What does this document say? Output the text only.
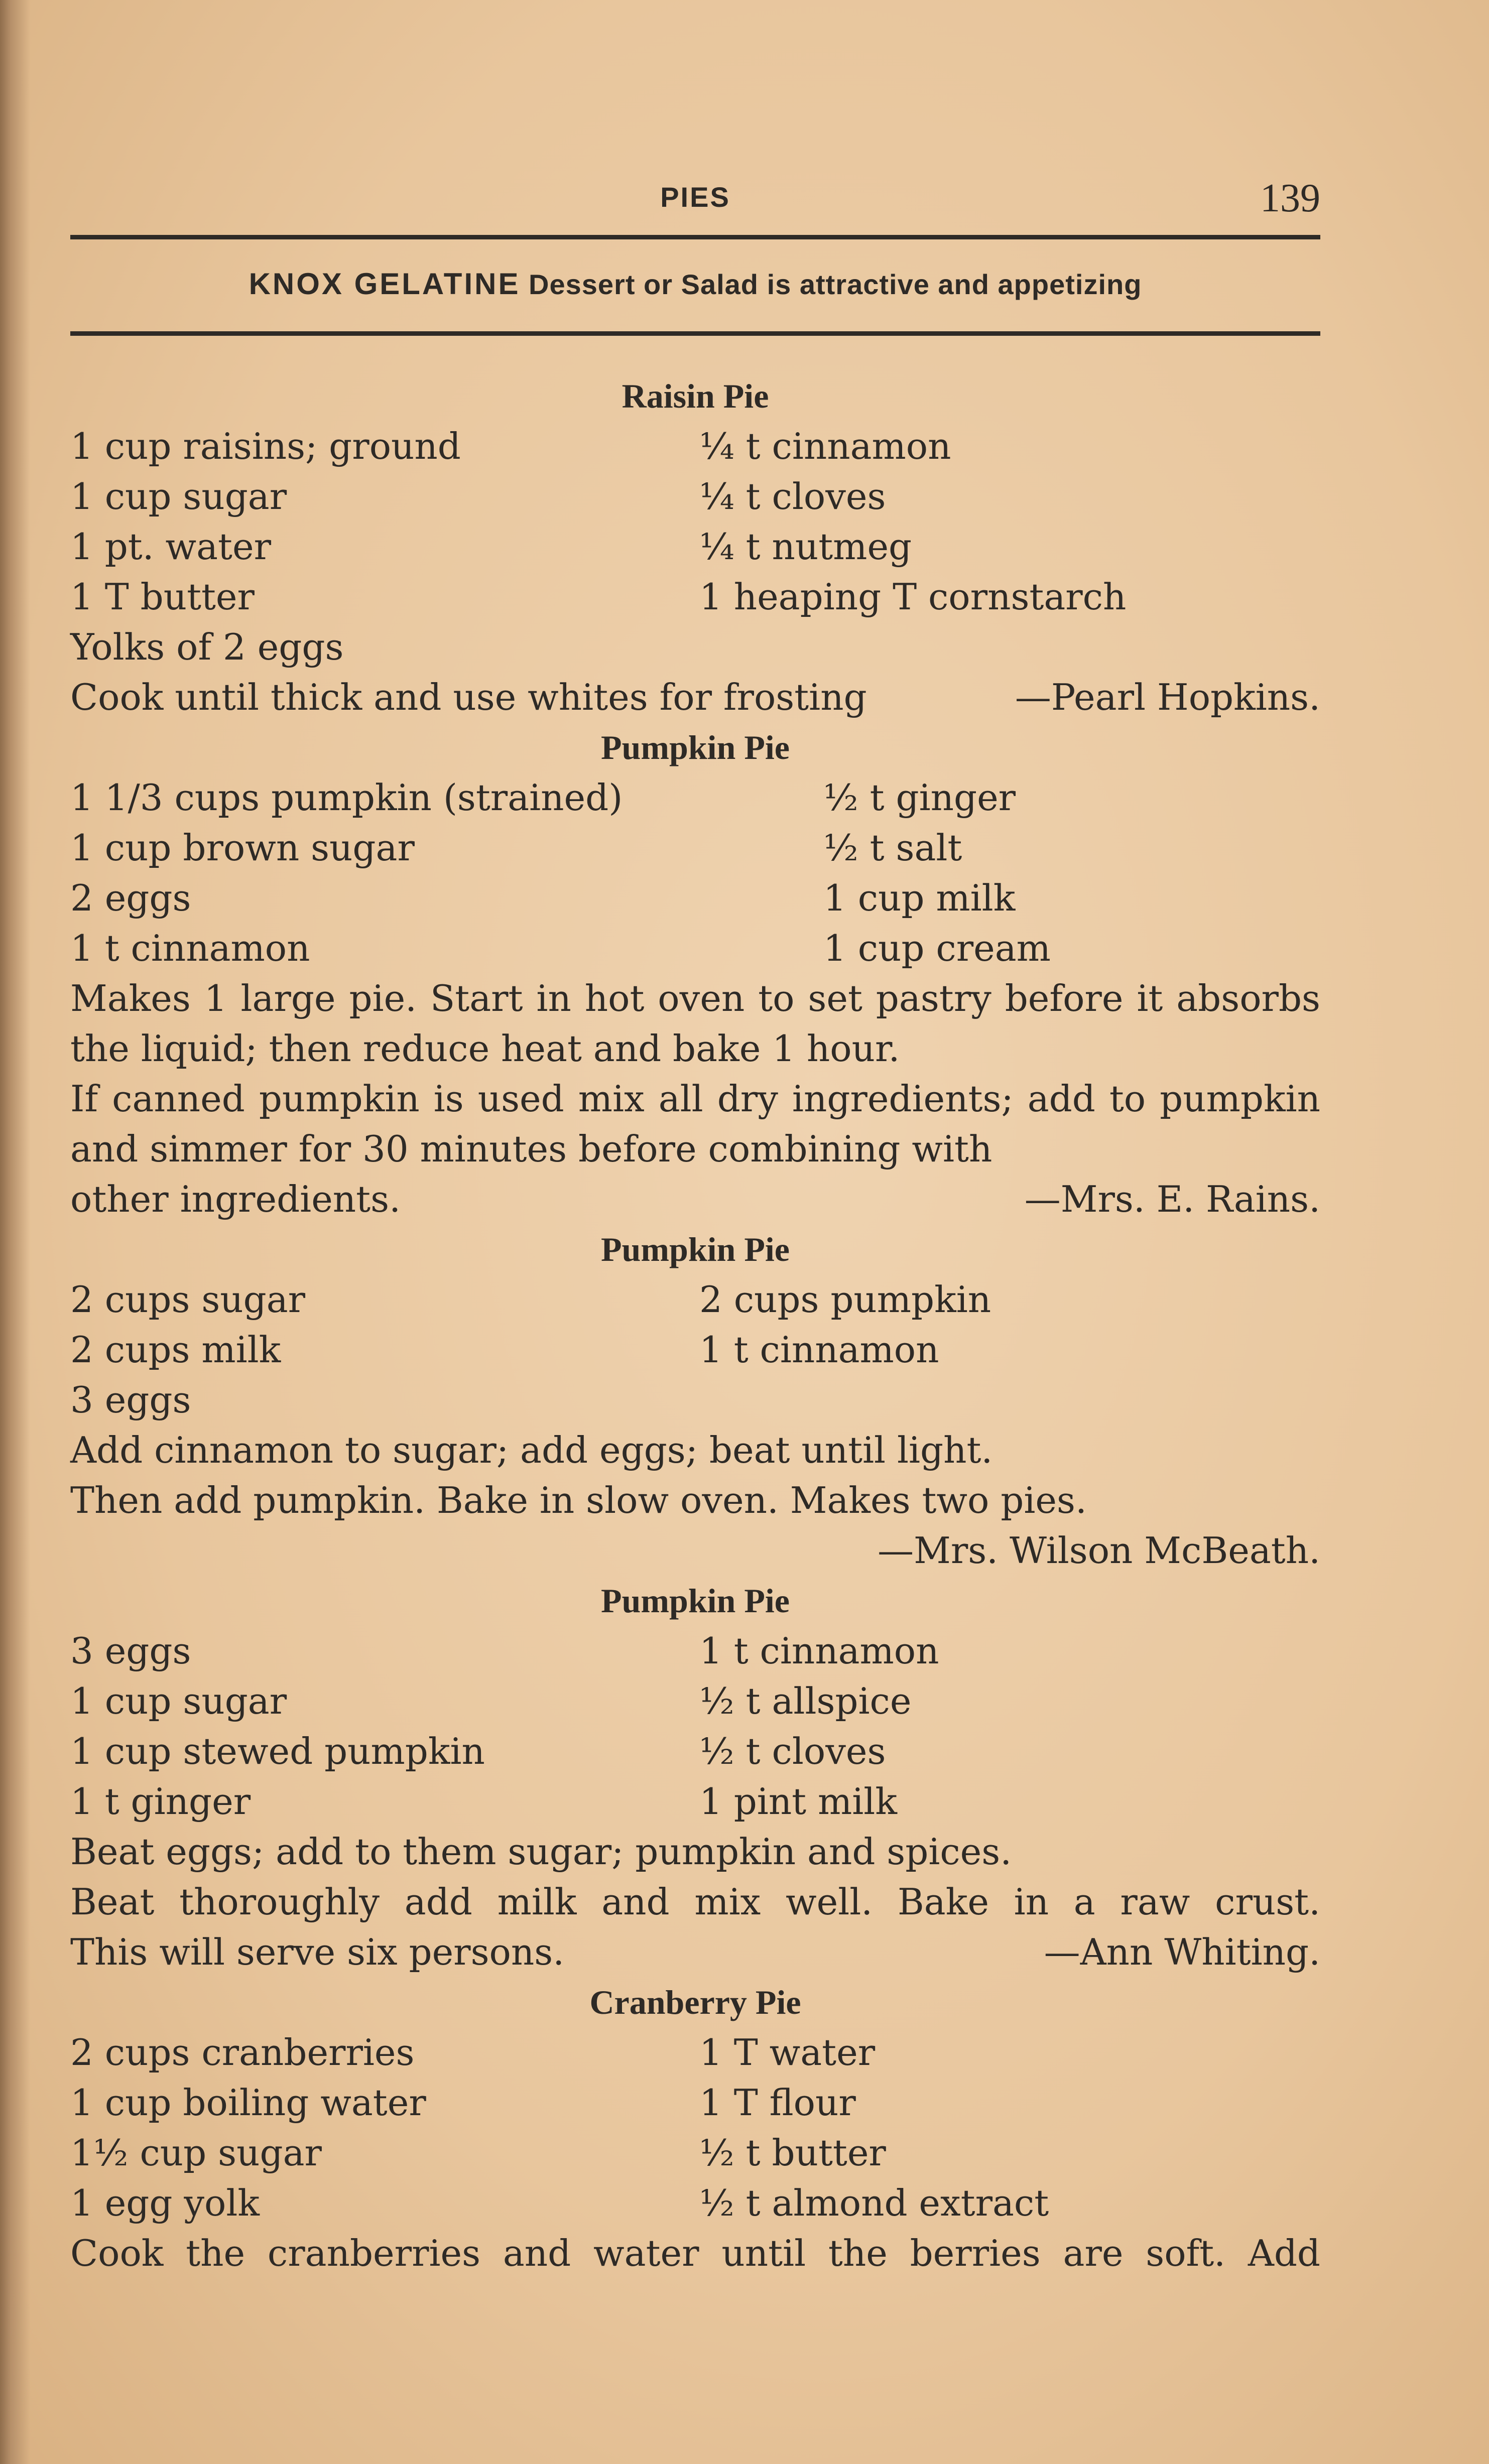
PIES	139
KNOX GELATINE Dessert or Salad is attractive and appetizing
Raisin Pie
1 cup raisins; ground	¼ t cinnamon
1 cup sugar	¼ t cloves
1 pt. water	¼ t nutmeg
1 T butter	1 heaping T cornstarch
Yolks of 2 eggs
Cook until thick and use whites for frosting	—Pearl Hopkins.
Pumpkin Pie
1 1/3 cups pumpkin (strained)	½ t ginger
1 cup brown sugar	½ t salt
2 eggs	1 cup milk
1 t cinnamon	1 cup cream
Makes 1 large pie. Start in hot oven to set pastry before it absorbs the liquid; then reduce heat and bake 1 hour.
If canned pumpkin is used mix all dry ingredients; add to pumpkin and simmer for 30 minutes before combining with
other ingredients.	—Mrs. E. Rains.
Pumpkin Pie
2 cups sugar	2 cups pumpkin
2 cups milk	1 t cinnamon
3 eggs
Add cinnamon to sugar; add eggs; beat until light.
Then add pumpkin. Bake in slow oven. Makes two pies.
—Mrs. Wilson McBeath.
Pumpkin Pie
3 eggs	1 t cinnamon
1 cup sugar	½ t allspice
1 cup stewed pumpkin	½ t cloves
1 t ginger	1 pint milk
Beat eggs; add to them sugar; pumpkin and spices.
Beat thoroughly add milk and mix well. Bake in a raw crust.
This will serve six persons.	—Ann Whiting.
Cranberry Pie
2 cups cranberries	1 T water
1 cup boiling water	1 T flour
1½ cup sugar	½ t butter
1 egg yolk	½ t almond extract
Cook the cranberries and water until the berries are soft. Add
